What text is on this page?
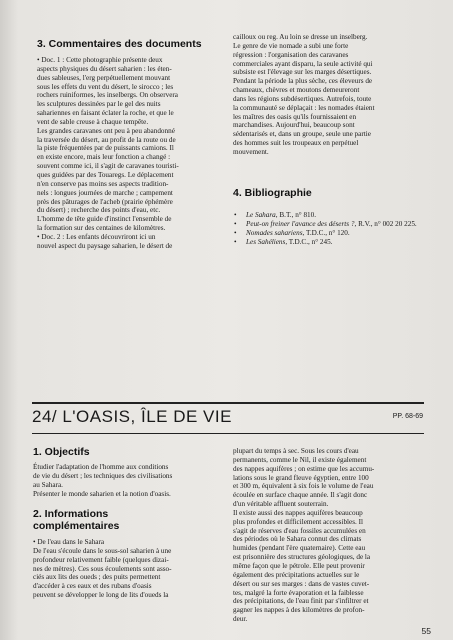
3. Commentaires des documents
• Doc. 1 : Cette photographie présente deux
aspects physiques du désert saharien : les éten-
dues sableuses, l'erg perpétuellement mouvant
sous les effets du vent du désert, le sirocco ; les
rochers ruiniformes, les inselbergs. On observera
les sculptures dessinées par le gel des nuits
sahariennes en faisant éclater la roche, et que le
vent de sable creuse à chaque tempête.
Les grandes caravanes ont peu à peu abandonné
la traversée du désert, au profit de la route ou de
la piste fréquentées par de puissants camions. Il
en existe encore, mais leur fonction a changé :
souvent comme ici, il s'agit de caravanes touristi-
ques guidées par des Touaregs. Le déplacement
n'en conserve pas moins ses aspects tradition-
nels : longues journées de marche ; campement
près des pâturages de l'acheb (prairie éphémère
du désert) ; recherche des points d'eau, etc.
L'homme de tête guide d'instinct l'ensemble de
la formation sur des centaines de kilomètres.
• Doc. 2 : Les enfants découvriront ici un
nouvel aspect du paysage saharien, le désert de
cailloux ou reg. Au loin se dresse un inselberg.
Le genre de vie nomade a subi une forte
régression : l'organisation des caravanes
commerciales ayant disparu, la seule activité qui
subsiste est l'élevage sur les marges désertiques.
Pendant la période la plus sèche, ces éleveurs de
chameaux, chèvres et moutons demeureront
dans les régions subdésertiques. Autrefois, toute
la communauté se déplaçait : les nomades étaient
les maîtres des oasis qu'ils fournissaient en
marchandises. Aujourd'hui, beaucoup sont
sédentarisés et, dans un groupe, seule une partie
des hommes suit les troupeaux en perpétuel
mouvement.
4. Bibliographie
• Le Sahara, B.T., n° 810.
• Peut-on freiner l'avance des déserts ?, R.V., n° 002 20 225.
• Nomades sahariens, T.D.C., n° 120.
• Les Sahéliens, T.D.C., n° 245.
24/ L'OASIS, ÎLE DE VIE	PP. 68-69
1. Objectifs
Étudier l'adaptation de l'homme aux conditions
de vie du désert ; les techniques des civilisations
au Sahara.
Présenter le monde saharien et la notion d'oasis.
2. Informations
complémentaires
• De l'eau dans le Sahara
De l'eau s'écoule dans le sous-sol saharien à une
profondeur relativement faible (quelques dizai-
nes de mètres). Ces sous écoulements sont asso-
ciés aux lits des oueds ; des puits permettent
d'accéder à ces eaux et des rubans d'oasis
peuvent se développer le long de lits d'oueds la
plupart du temps à sec. Sous les cours d'eau
permanents, comme le Nil, il existe également
des nappes aquifères ; on estime que les accumu-
lations sous le grand fleuve égyptien, entre 100
et 300 m, équivalent à six fois le volume de l'eau
écoulée en surface chaque année. Il s'agit donc
d'un véritable affluent souterrain.
Il existe aussi des nappes aquifères beaucoup
plus profondes et difficilement accessibles. Il
s'agit de réserves d'eau fossiles accumulées en
des périodes où le Sahara connut des climats
humides (pendant l'ère quaternaire). Cette eau
est prisonnière des structures géologiques, de la
même façon que le pétrole. Elle peut provenir
également des précipitations actuelles sur le
désert ou sur ses marges : dans de vastes cuvet-
tes, malgré la forte évaporation et la faiblesse
des précipitations, de l'eau finit par s'infiltrer et
gagner les nappes à des kilomètres de profon-
deur.
55
